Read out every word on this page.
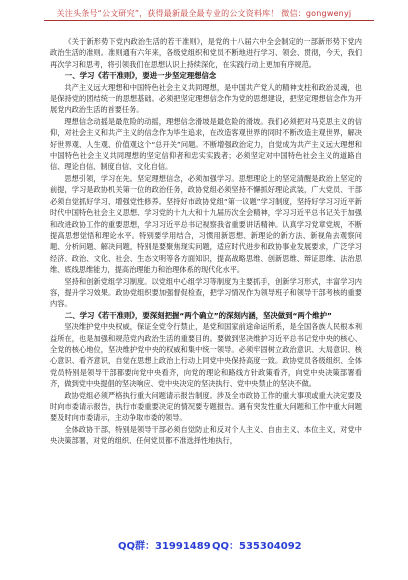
关注头条号“公文研究”，获得最新最全最专业的公文资料库！ 微信：gongwenyj

《关于新形势下党内政治生活的若干准则》，是党的十八届六中全会制定的一部新形势下党内政治生活的准则。准则通有六年来，各级党组织和党员不断地进行学习、领会、贯彻，今天，我们再次学习和思考，将引领我们在思想认识上持续深化，在实践行动上更加有序规范。

一、学习《若干准则》，要进一步坚定理想信念

共产主义远大理想和中国特色社会主义共同理想，是中国共产党人的精神支柱和政治灵魂，也是保持党的团结统一的思想基础。必须把坚定理想信念作为党的思想建设，把坚定理想信念作为开展党内政治生活的首要任务。

理想信念动摇是最危险的动摇，理想信念滑坡是最危险的滑坡。我们必须把对马克思主义的信仰，对社会主义和共产主义的信念作为毕生追求，在改造客观世界的同时不断改造主观世界，解决好世界观、人生观、价值观这个“总开关”问题。不断增强政治定力，自觉成为共产主义远大理想和中国特色社会主义共同理想的坚定信仰者和忠实实践者；必须坚定对中国特色社会主义的道路自信、理论自信、制度自信、文化自信。

思想引领，学习在先。坚定理想信念，必须加强学习。思想理论上的坚定清醒是政治上坚定的前提，学习是政协机关第一位的政治任务，政协党组必须坚持不懈抓好理论武装，广大党员、干部必须自觉抓好学习、增强党性修养。坚持好市政协党组“第一议题”学习制度，坚持好学习习近平新时代中国特色社会主义思想、学习党的十九大和十九届历次全会精神，学习习近平总书记关于加强和改进政协工作的重要思想，学习习近平总书记视察我省重要讲话精神。认真学习党章党规，不断提高思想觉悟和理论水平。特别要学用结合，习惯用新思想、新理论的新方法、新视角去观察问题、分析问题、解决问题，特别是要聚焦现实问题，适应时代进步和政协事业发展要求，广泛学习经济、政治、文化、社会、生态文明等各方面知识，提高战略思维、创新思维、辩证思维、法治思维、底线思维能力，提高治理能力和治理体系的现代化水平。

坚持和创新党组学习制度。以党组中心组学习等制度为主要抓手，创新学习形式，丰富学习内容，提升学习效果。政协党组织要加强督促检查，把学习情况作为领导班子和领导干部考核的重要内容。

二、学习《若干准则》，要深刻把握“两个确立”的深刻内涵，坚决做到“两个维护”

坚决维护党中央权威，保证全党令行禁止，是党和国家前途命运所系，是全国各族人民根本利益所在，也是加强和规范党内政治生活的重要目的。要做到坚决维护习近平总书记党中央的核心、全党的核心地位，坚决维护党中央的权威和集中统一领导。必须牢固树立政治意识、大局意识、核心意识、看齐意识，自觉在思想上政治上行动上同党中央保持高度一致。政协党员各级组织、全体党员特别是领导干部都要向党中央看齐，向党的理论和路线方针政策看齐，向党中央决策部署看齐，做到党中央提倡的坚决响应、党中央决定的坚决执行、党中央禁止的坚决不做。

政协党组必须严格执行重大问题请示报告制度。涉及全市政协工作的重大事项或重大决定要及时向市委请示报告，执行市委重要决定的情况要专题报告。遇有突发性重大问题和工作中重大问题要及时向市委请示，主动争取市委的领导。

全体政协干部，特别是领导干部必须自觉防止和反对个人主义、自由主义、本位主义，对党中央决策部署，对党的组织、任何党员都不准选择性地执行，

QQ群：31991489 QQ：535304092
